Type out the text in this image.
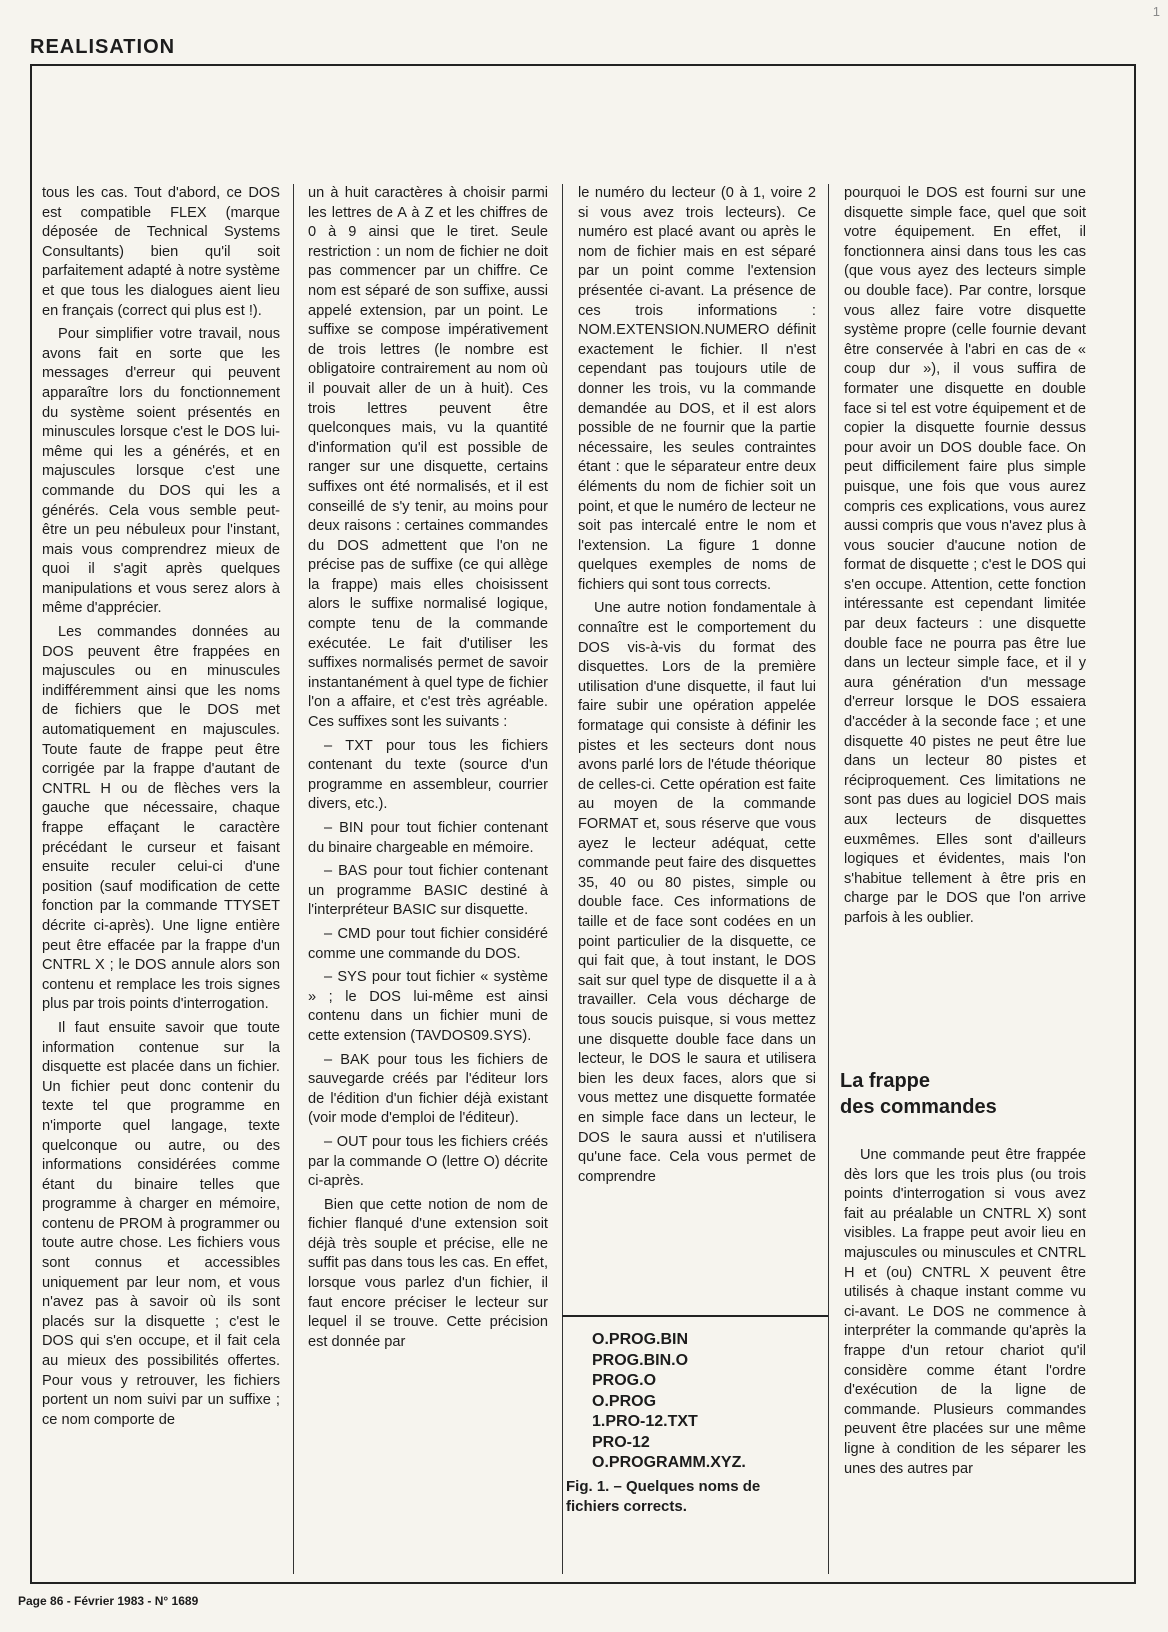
1
REALISATION

tous les cas. Tout d'abord, ce DOS est compatible FLEX (marque déposée de Technical Systems Consultants) bien qu'il soit parfaitement adapté à notre système et que tous les dialogues aient lieu en français (correct qui plus est !).

Pour simplifier votre travail, nous avons fait en sorte que les messages d'erreur qui peuvent apparaître lors du fonctionnement du système soient présentés en minuscules lorsque c'est le DOS lui-même qui les a générés, et en majuscules lorsque c'est une commande du DOS qui les a générés. Cela vous semble peut-être un peu nébuleux pour l'instant, mais vous comprendrez mieux de quoi il s'agit après quelques manipulations et vous serez alors à même d'apprécier.

Les commandes données au DOS peuvent être frappées en majuscules ou en minuscules indifféremment ainsi que les noms de fichiers que le DOS met automatiquement en majuscules. Toute faute de frappe peut être corrigée par la frappe d'autant de CNTRL H ou de flèches vers la gauche que nécessaire, chaque frappe effaçant le caractère précédant le curseur et faisant ensuite reculer celui-ci d'une position (sauf modification de cette fonction par la commande TTYSET décrite ci-après). Une ligne entière peut être effacée par la frappe d'un CNTRL X ; le DOS annule alors son contenu et remplace les trois signes plus par trois points d'interrogation.

Il faut ensuite savoir que toute information contenue sur la disquette est placée dans un fichier. Un fichier peut donc contenir du texte tel que programme en n'importe quel langage, texte quelconque ou autre, ou des informations considérées comme étant du binaire telles que programme à charger en mémoire, contenu de PROM à programmer ou toute autre chose. Les fichiers vous sont connus et accessibles uniquement par leur nom, et vous n'avez pas à savoir où ils sont placés sur la disquette ; c'est le DOS qui s'en occupe, et il fait cela au mieux des possibilités offertes. Pour vous y retrouver, les fichiers portent un nom suivi par un suffixe ; ce nom comporte de

un à huit caractères à choisir parmi les lettres de A à Z et les chiffres de 0 à 9 ainsi que le tiret. Seule restriction : un nom de fichier ne doit pas commencer par un chiffre. Ce nom est séparé de son suffixe, aussi appelé extension, par un point. Le suffixe se compose impérativement de trois lettres (le nombre est obligatoire contrairement au nom où il pouvait aller de un à huit). Ces trois lettres peuvent être quelconques mais, vu la quantité d'information qu'il est possible de ranger sur une disquette, certains suffixes ont été normalisés, et il est conseillé de s'y tenir, au moins pour deux raisons : certaines commandes du DOS admettent que l'on ne précise pas de suffixe (ce qui allège la frappe) mais elles choisissent alors le suffixe normalisé logique, compte tenu de la commande exécutée. Le fait d'utiliser les suffixes normalisés permet de savoir instantanément à quel type de fichier l'on a affaire, et c'est très agréable. Ces suffixes sont les suivants :

– TXT pour tous les fichiers contenant du texte (source d'un programme en assembleur, courrier divers, etc.).

– BIN pour tout fichier contenant du binaire chargeable en mémoire.

– BAS pour tout fichier contenant un programme BASIC destiné à l'interpréteur BASIC sur disquette.

– CMD pour tout fichier considéré comme une commande du DOS.

– SYS pour tout fichier « système » ; le DOS lui-même est ainsi contenu dans un fichier muni de cette extension (TAVDOS09.SYS).

– BAK pour tous les fichiers de sauvegarde créés par l'éditeur lors de l'édition d'un fichier déjà existant (voir mode d'emploi de l'éditeur).

– OUT pour tous les fichiers créés par la commande O (lettre O) décrite ci-après.

Bien que cette notion de nom de fichier flanqué d'une extension soit déjà très souple et précise, elle ne suffit pas dans tous les cas. En effet, lorsque vous parlez d'un fichier, il faut encore préciser le lecteur sur lequel il se trouve. Cette précision est donnée par

le numéro du lecteur (0 à 1, voire 2 si vous avez trois lecteurs). Ce numéro est placé avant ou après le nom de fichier mais en est séparé par un point comme l'extension présentée ci-avant. La présence de ces trois informations : NOM.EXTENSION.NUMERO définit exactement le fichier. Il n'est cependant pas toujours utile de donner les trois, vu la commande demandée au DOS, et il est alors possible de ne fournir que la partie nécessaire, les seules contraintes étant : que le séparateur entre deux éléments du nom de fichier soit un point, et que le numéro de lecteur ne soit pas intercalé entre le nom et l'extension. La figure 1 donne quelques exemples de noms de fichiers qui sont tous corrects.

Une autre notion fondamentale à connaître est le comportement du DOS vis-à-vis du format des disquettes. Lors de la première utilisation d'une disquette, il faut lui faire subir une opération appelée formatage qui consiste à définir les pistes et les secteurs dont nous avons parlé lors de l'étude théorique de celles-ci. Cette opération est faite au moyen de la commande FORMAT et, sous réserve que vous ayez le lecteur adéquat, cette commande peut faire des disquettes 35, 40 ou 80 pistes, simple ou double face. Ces informations de taille et de face sont codées en un point particulier de la disquette, ce qui fait que, à tout instant, le DOS sait sur quel type de disquette il a à travailler. Cela vous décharge de tous soucis puisque, si vous mettez une disquette double face dans un lecteur, le DOS le saura et utilisera bien les deux faces, alors que si vous mettez une disquette formatée en simple face dans un lecteur, le DOS le saura aussi et n'utilisera qu'une face. Cela vous permet de comprendre

O.PROG.BIN
PROG.BIN.O
PROG.O
O.PROG
1.PRO-12.TXT
PRO-12
O.PROGRAMM.XYZ.
Fig. 1. – Quelques noms de fichiers corrects.

pourquoi le DOS est fourni sur une disquette simple face, quel que soit votre équipement. En effet, il fonctionnera ainsi dans tous les cas (que vous ayez des lecteurs simple ou double face). Par contre, lorsque vous allez faire votre disquette système propre (celle fournie devant être conservée à l'abri en cas de « coup dur »), il vous suffira de formater une disquette en double face si tel est votre équipement et de copier la disquette fournie dessus pour avoir un DOS double face. On peut difficilement faire plus simple puisque, une fois que vous aurez compris ces explications, vous aurez aussi compris que vous n'avez plus à vous soucier d'aucune notion de format de disquette ; c'est le DOS qui s'en occupe. Attention, cette fonction intéressante est cependant limitée par deux facteurs : une disquette double face ne pourra pas être lue dans un lecteur simple face, et il y aura génération d'un message d'erreur lorsque le DOS essaiera d'accéder à la seconde face ; et une disquette 40 pistes ne peut être lue dans un lecteur 80 pistes et réciproquement. Ces limitations ne sont pas dues au logiciel DOS mais aux lecteurs de disquettes euxmêmes. Elles sont d'ailleurs logiques et évidentes, mais l'on s'habitue tellement à être pris en charge par le DOS que l'on arrive parfois à les oublier.

La frappe
des commandes

Une commande peut être frappée dès lors que les trois plus (ou trois points d'interrogation si vous avez fait au préalable un CNTRL X) sont visibles. La frappe peut avoir lieu en majuscules ou minuscules et CNTRL H et (ou) CNTRL X peuvent être utilisés à chaque instant comme vu ci-avant. Le DOS ne commence à interpréter la commande qu'après la frappe d'un retour chariot qu'il considère comme étant l'ordre d'exécution de la ligne de commande. Plusieurs commandes peuvent être placées sur une même ligne à condition de les séparer les unes des autres par

Page 86 - Février 1983 - N° 1689
